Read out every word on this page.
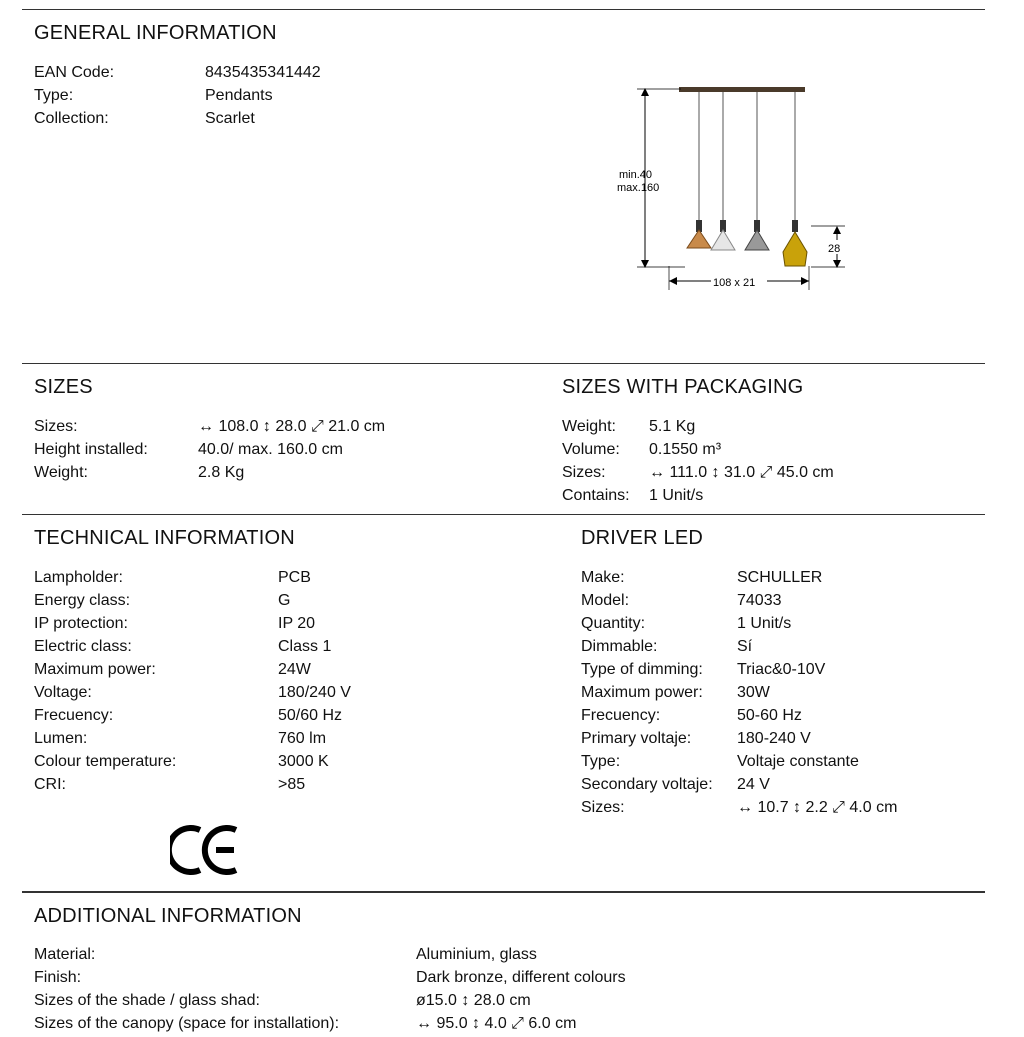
GENERAL INFORMATION
EAN Code:	8435435341442
Type:	Pendants
Collection:	Scarlet
min.40
max.160
108 x 21
28
SIZES
Sizes:	↔ 108.0 ↕ 28.0 ⤢ 21.0 cm
Height installed:	40.0/ max. 160.0 cm
Weight:	2.8 Kg
SIZES WITH PACKAGING
Weight:	5.1 Kg
Volume:	0.1550 m³
Sizes:	↔ 111.0 ↕ 31.0 ⤢ 45.0 cm
Contains:	1 Unit/s
TECHNICAL INFORMATION
Lampholder:	PCB
Energy class:	G
IP protection:	IP 20
Electric class:	Class 1
Maximum power:	24W
Voltage:	180/240 V
Frecuency:	50/60 Hz
Lumen:	760 lm
Colour temperature:	3000 K
CRI:	>85
DRIVER LED
Make:	SCHULLER
Model:	74033
Quantity:	1 Unit/s
Dimmable:	Sí
Type of dimming:	Triac&0-10V
Maximum power:	30W
Frecuency:	50-60 Hz
Primary voltaje:	180-240 V
Type:	Voltaje constante
Secondary voltaje:	24 V
Sizes:	↔ 10.7 ↕ 2.2 ⤢ 4.0 cm
ADDITIONAL INFORMATION
Material:	Aluminium, glass
Finish:	Dark bronze, different colours
Sizes of the shade / glass shad:	ø15.0 ↕ 28.0 cm
Sizes of the canopy (space for installation):	↔ 95.0 ↕ 4.0 ⤢ 6.0 cm
